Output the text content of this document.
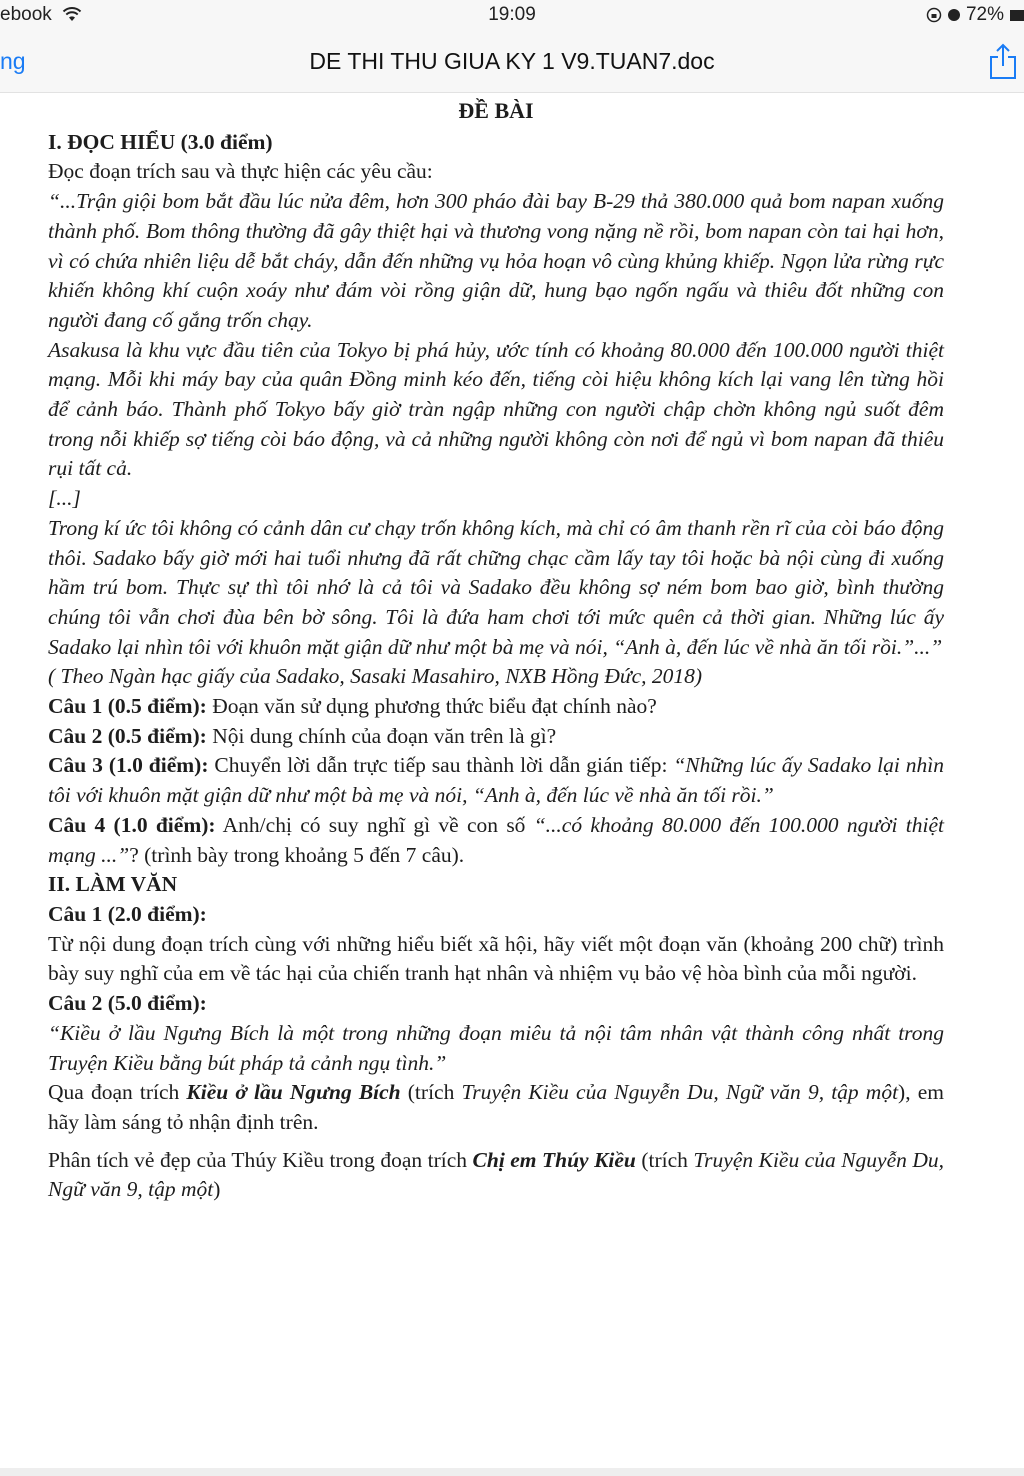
ebook	19:09	72%
ng	DE THI THU GIUA KY 1 V9.TUAN7.doc

ĐỀ BÀI

I. ĐỌC HIỂU (3.0 điểm)

Đọc đoạn trích sau và thực hiện các yêu cầu:

“...Trận giội bom bắt đầu lúc nửa đêm, hơn 300 pháo đài bay B-29 thả 380.000 quả bom napan xuống thành phố. Bom thông thường đã gây thiệt hại và thương vong nặng nề rồi, bom napan còn tai hại hơn, vì có chứa nhiên liệu dễ bắt cháy, dẫn đến những vụ hỏa hoạn vô cùng khủng khiếp. Ngọn lửa rừng rực khiến không khí cuộn xoáy như đám vòi rồng giận dữ, hung bạo ngốn ngấu và thiêu đốt những con người đang cố gắng trốn chạy.

Asakusa là khu vực đầu tiên của Tokyo bị phá hủy, ước tính có khoảng 80.000 đến 100.000 người thiệt mạng. Mỗi khi máy bay của quân Đồng minh kéo đến, tiếng còi hiệu không kích lại vang lên từng hồi để cảnh báo. Thành phố Tokyo bấy giờ tràn ngập những con người chập chờn không ngủ suốt đêm trong nỗi khiếp sợ tiếng còi báo động, và cả những người không còn nơi để ngủ vì bom napan đã thiêu rụi tất cả.

[...]

Trong kí ức tôi không có cảnh dân cư chạy trốn không kích, mà chỉ có âm thanh rền rĩ của còi báo động thôi. Sadako bấy giờ mới hai tuổi nhưng đã rất chững chạc cầm lấy tay tôi hoặc bà nội cùng đi xuống hầm trú bom. Thực sự thì tôi nhớ là cả tôi và Sadako đều không sợ ném bom bao giờ, bình thường chúng tôi vẫn chơi đùa bên bờ sông. Tôi là đứa ham chơi tới mức quên cả thời gian. Những lúc ấy Sadako lại nhìn tôi với khuôn mặt giận dữ như một bà mẹ và nói, “Anh à, đến lúc về nhà ăn tối rồi.”...”

( Theo Ngàn hạc giấy của Sadako, Sasaki Masahiro, NXB Hồng Đức, 2018)

Câu 1 (0.5 điểm): Đoạn văn sử dụng phương thức biểu đạt chính nào?

Câu 2 (0.5 điểm): Nội dung chính của đoạn văn trên là gì?

Câu 3 (1.0 điểm): Chuyển lời dẫn trực tiếp sau thành lời dẫn gián tiếp: “Những lúc ấy Sadako lại nhìn tôi với khuôn mặt giận dữ như một bà mẹ và nói, “Anh à, đến lúc về nhà ăn tối rồi.”

Câu 4 (1.0 điểm): Anh/chị có suy nghĩ gì về con số “...có khoảng 80.000 đến 100.000 người thiệt mạng ...”? (trình bày trong khoảng 5 đến 7 câu).

II. LÀM VĂN

Câu 1 (2.0 điểm):

Từ nội dung đoạn trích cùng với những hiểu biết xã hội, hãy viết một đoạn văn (khoảng 200 chữ) trình bày suy nghĩ của em về tác hại của chiến tranh hạt nhân và nhiệm vụ bảo vệ hòa bình của mỗi người.

Câu 2 (5.0 điểm):

“Kiều ở lầu Ngưng Bích là một trong những đoạn miêu tả nội tâm nhân vật thành công nhất trong Truyện Kiều bằng bút pháp tả cảnh ngụ tình.”

Qua đoạn trích Kiều ở lầu Ngưng Bích (trích Truyện Kiều của Nguyễn Du, Ngữ văn 9, tập một), em hãy làm sáng tỏ nhận định trên.

Phân tích vẻ đẹp của Thúy Kiều trong đoạn trích Chị em Thúy Kiều (trích Truyện Kiều của Nguyễn Du, Ngữ văn 9, tập một)
